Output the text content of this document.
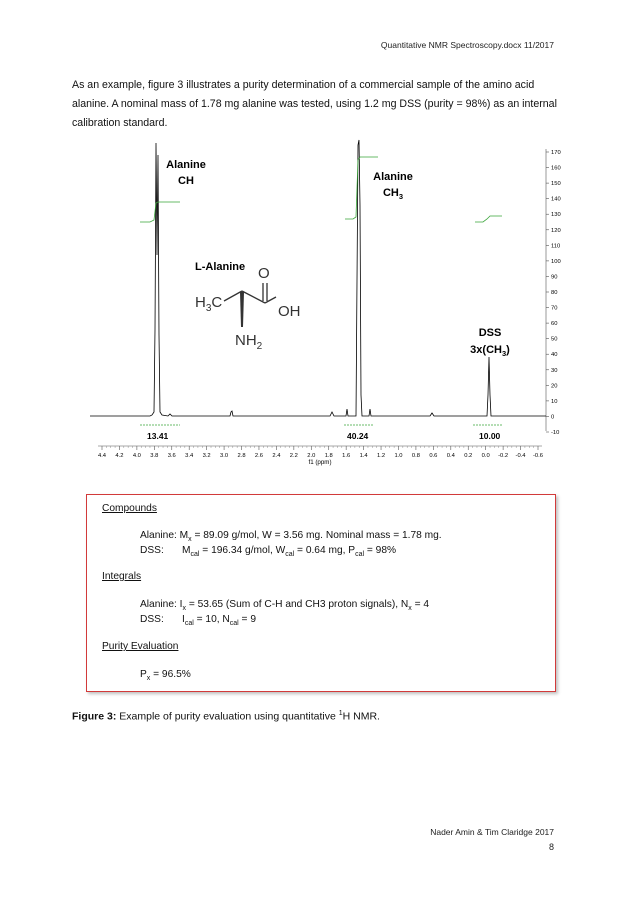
Quantitative NMR Spectroscopy.docx 11/2017
As an example, figure 3 illustrates a purity determination of a commercial sample of the amino acid alanine. A nominal mass of 1.78 mg alanine was tested, using 1.2 mg DSS (purity = 98%) as an internal calibration standard.
170
160
150
140
130
120
110
100
90
80
70
60
50
40
30
20
10
0
-10
13.41	40.24	10.00
4.4 4.2 4.0 3.8 3.6 3.4 3.2 3.0 2.8 2.6 2.4 2.2 2.0 1.8 1.6 1.4 1.2 1.0 0.8 0.6 0.4 0.2 0.0 -0.2 -0.4 -0.6
f1 (ppm)
Alanine
CH	Alanine
$CH_3$
DSS
$3x(CH_3)$
L-Alanine O
$H_3C$
OH
$NH_2$
Compounds
Alanine: $M_x = 89.09$ g/mol, W = 3.56 mg. Nominal mass = 1.78 mg.
DSS: $M_{cal} = 196.34$ g/mol, $W_{cal} = 0.64$ mg, $P_{cal} = 98\%$
Integrals
Alanine: $I_x = 53.65$ (Sum of C-H and CH3 proton signals), $N_x = 4$
DSS: $I_{cal} = 10$, $N_{cal} = 9$
Purity Evaluation
$P_x = 96.5\%$
Figure 3: Example of purity evaluation using quantitative $^1$H NMR.
Nader Amin & Tim Claridge 2017
8
